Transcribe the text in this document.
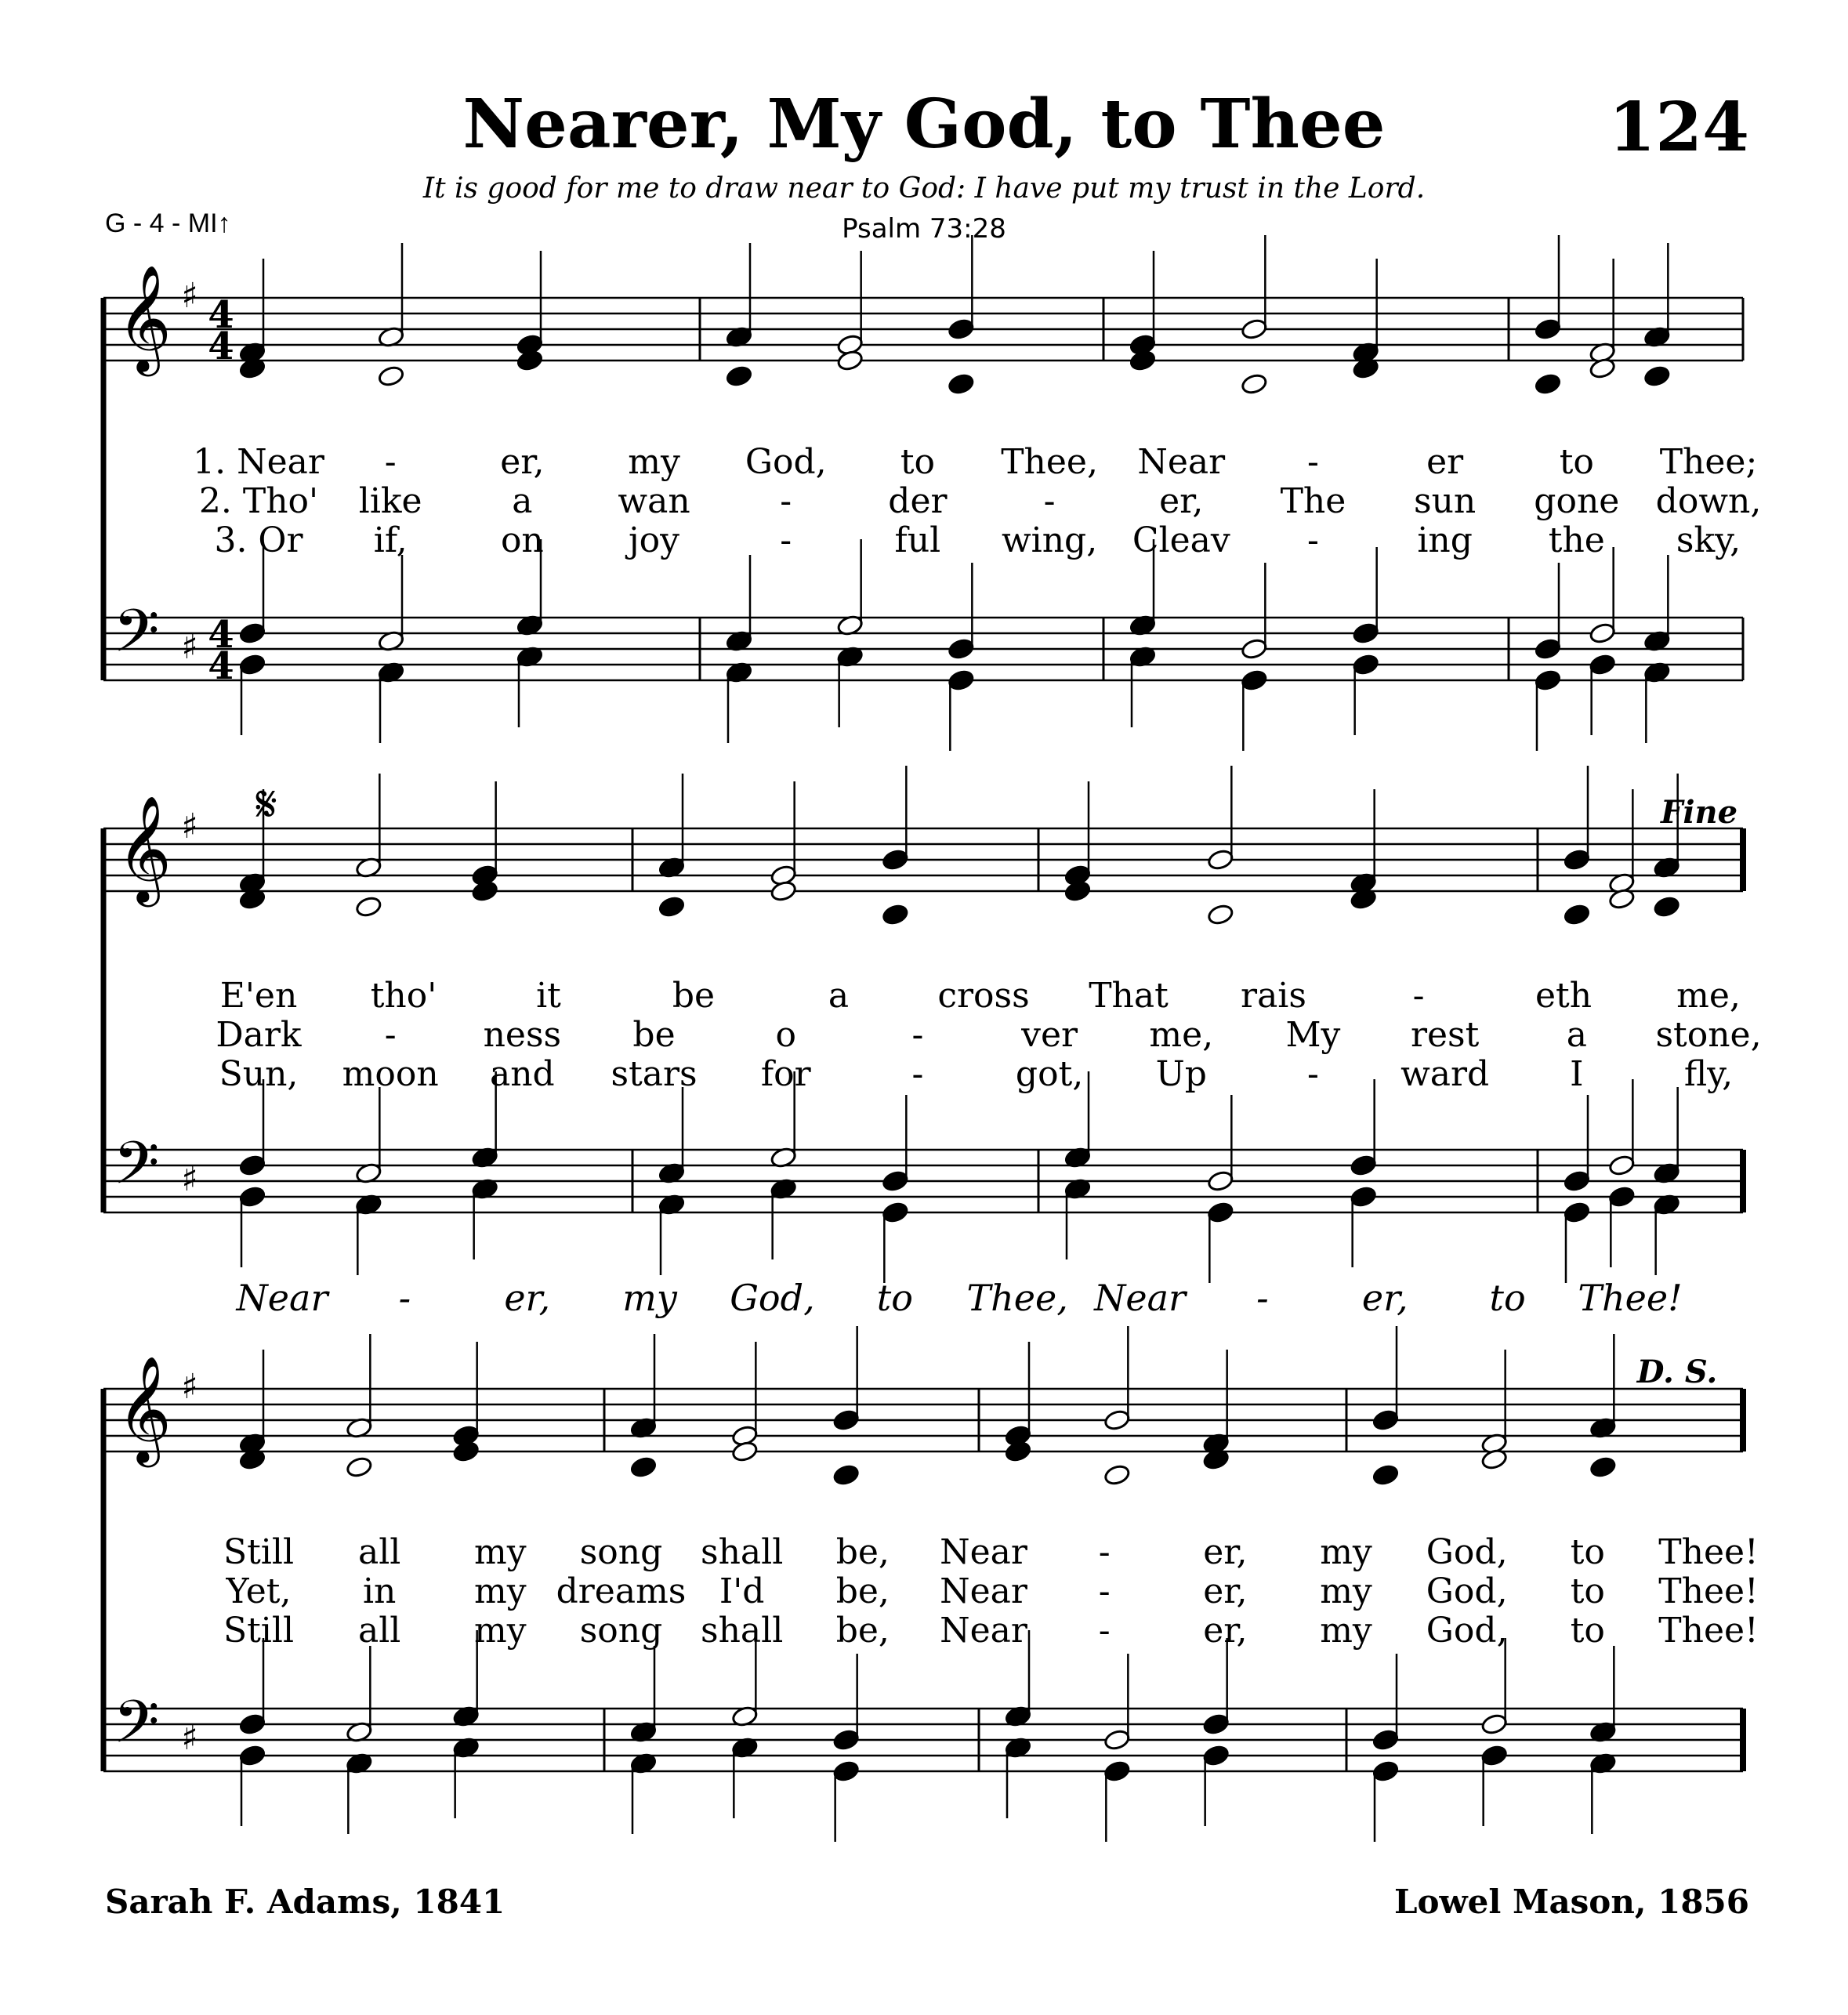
Nearer, My God, to Thee	124
It is good for me to draw near to God: I have put my trust in the Lord.
Psalm 73:28
G - 4 - MI↑
Sarah F. Adams, 1841	Lowel Mason, 1856
𝄞
𝄢
♯
♯
4
4
4
4
1. Near -	er, my God, to Thee, Near -	er	to Thee;
2. Tho' like	a wan	-	der	-	er, The sun gone down,
3. Or if,	on joy	-	ful wing, Cleav -	ing the sky,
𝄞
𝄢
♯
♯
E'en tho'	it	be	a	cross That rais	-	eth me,
Dark -	ness be	o	-	ver me, My rest	a stone,
Sun, moon and stars for	-	got, Up	- ward I	fly,
Near -	er, my God, to Thee, Near -	er, to Thee!
𝄞
𝄢
♯
♯
Still all my song shall be, Near -	er, my God, to Thee!
Yet, in my dreams I'd be, Near -	er, my God, to Thee!
Still all my song shall be, Near -	er, my God, to Thee!
𝄋	Fine
D. S.
